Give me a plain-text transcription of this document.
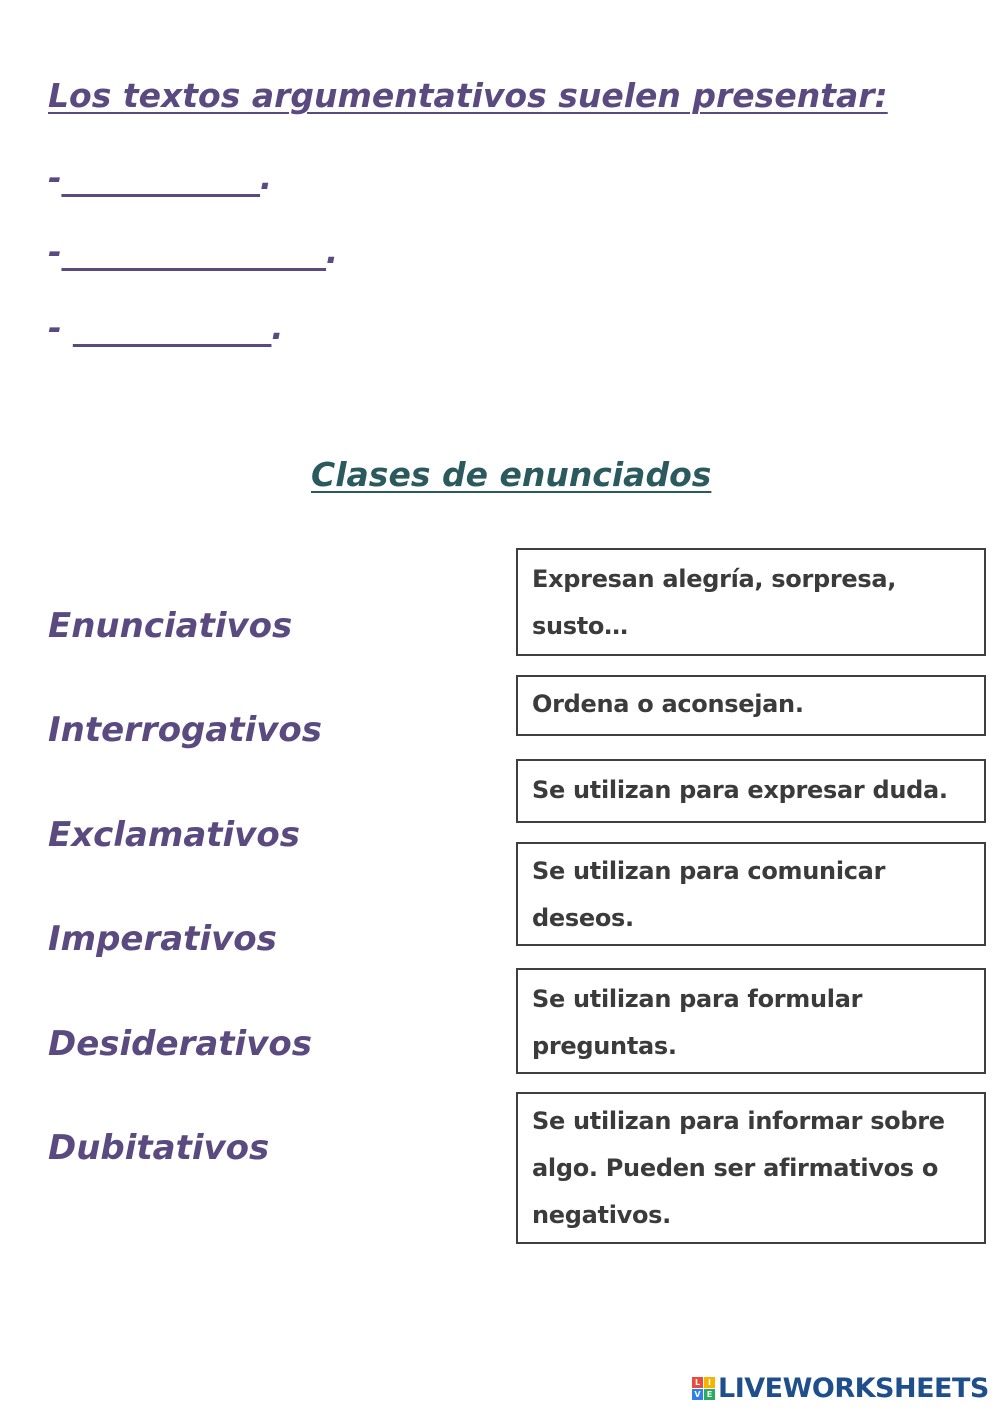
Los textos argumentativos suelen presentar:

-____________.

-________________.

- ____________.

Clases de enunciados

Enunciativos

Interrogativos

Exclamativos

Imperativos

Desiderativos

Dubitativos

Expresan alegría, sorpresa, susto…
Ordena o aconsejan.
Se utilizan para expresar duda.
Se utilizan para comunicar deseos.
Se utilizan para formular preguntas.
Se utilizan para informar sobre algo. Pueden ser afirmativos o negativos.
L I
V E LIVEWORKSHEETS
